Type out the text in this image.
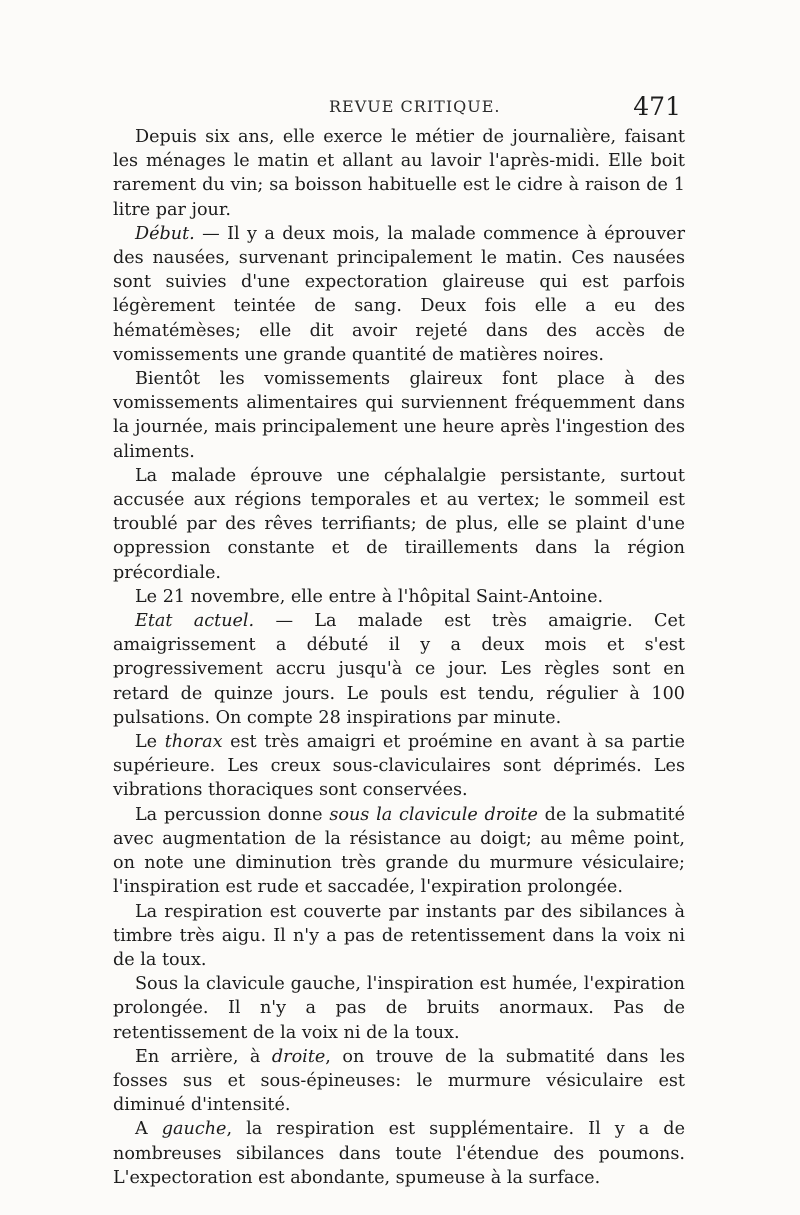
REVUE CRITIQUE.	471

Depuis six ans, elle exerce le métier de journalière, faisant les ménages le matin et allant au lavoir l'après-midi. Elle boit rarement du vin; sa boisson habituelle est le cidre à raison de 1 litre par jour.

Début. — Il y a deux mois, la malade commence à éprouver des nausées, survenant principalement le matin. Ces nausées sont suivies d'une expectoration glaireuse qui est parfois légèrement teintée de sang. Deux fois elle a eu des hématémèses; elle dit avoir rejeté dans des accès de vomissements une grande quantité de matières noires.

Bientôt les vomissements glaireux font place à des vomissements alimentaires qui surviennent fréquemment dans la journée, mais principalement une heure après l'ingestion des aliments.

La malade éprouve une céphalalgie persistante, surtout accusée aux régions temporales et au vertex; le sommeil est troublé par des rêves terrifiants; de plus, elle se plaint d'une oppression constante et de tiraillements dans la région précordiale.

Le 21 novembre, elle entre à l'hôpital Saint-Antoine.

Etat actuel. — La malade est très amaigrie. Cet amaigrissement a débuté il y a deux mois et s'est progressivement accru jusqu'à ce jour. Les règles sont en retard de quinze jours. Le pouls est tendu, régulier à 100 pulsations. On compte 28 inspirations par minute.

Le thorax est très amaigri et proémine en avant à sa partie supérieure. Les creux sous-claviculaires sont déprimés. Les vibrations thoraciques sont conservées.

La percussion donne sous la clavicule droite de la submatité avec augmentation de la résistance au doigt; au même point, on note une diminution très grande du murmure vésiculaire; l'inspiration est rude et saccadée, l'expiration prolongée.

La respiration est couverte par instants par des sibilances à timbre très aigu. Il n'y a pas de retentissement dans la voix ni de la toux.

Sous la clavicule gauche, l'inspiration est humée, l'expiration prolongée. Il n'y a pas de bruits anormaux. Pas de retentissement de la voix ni de la toux.

En arrière, à droite, on trouve de la submatité dans les fosses sus et sous-épineuses: le murmure vésiculaire est diminué d'intensité.

A gauche, la respiration est supplémentaire. Il y a de nombreuses sibilances dans toute l'étendue des poumons. L'expectoration est abondante, spumeuse à la surface.
